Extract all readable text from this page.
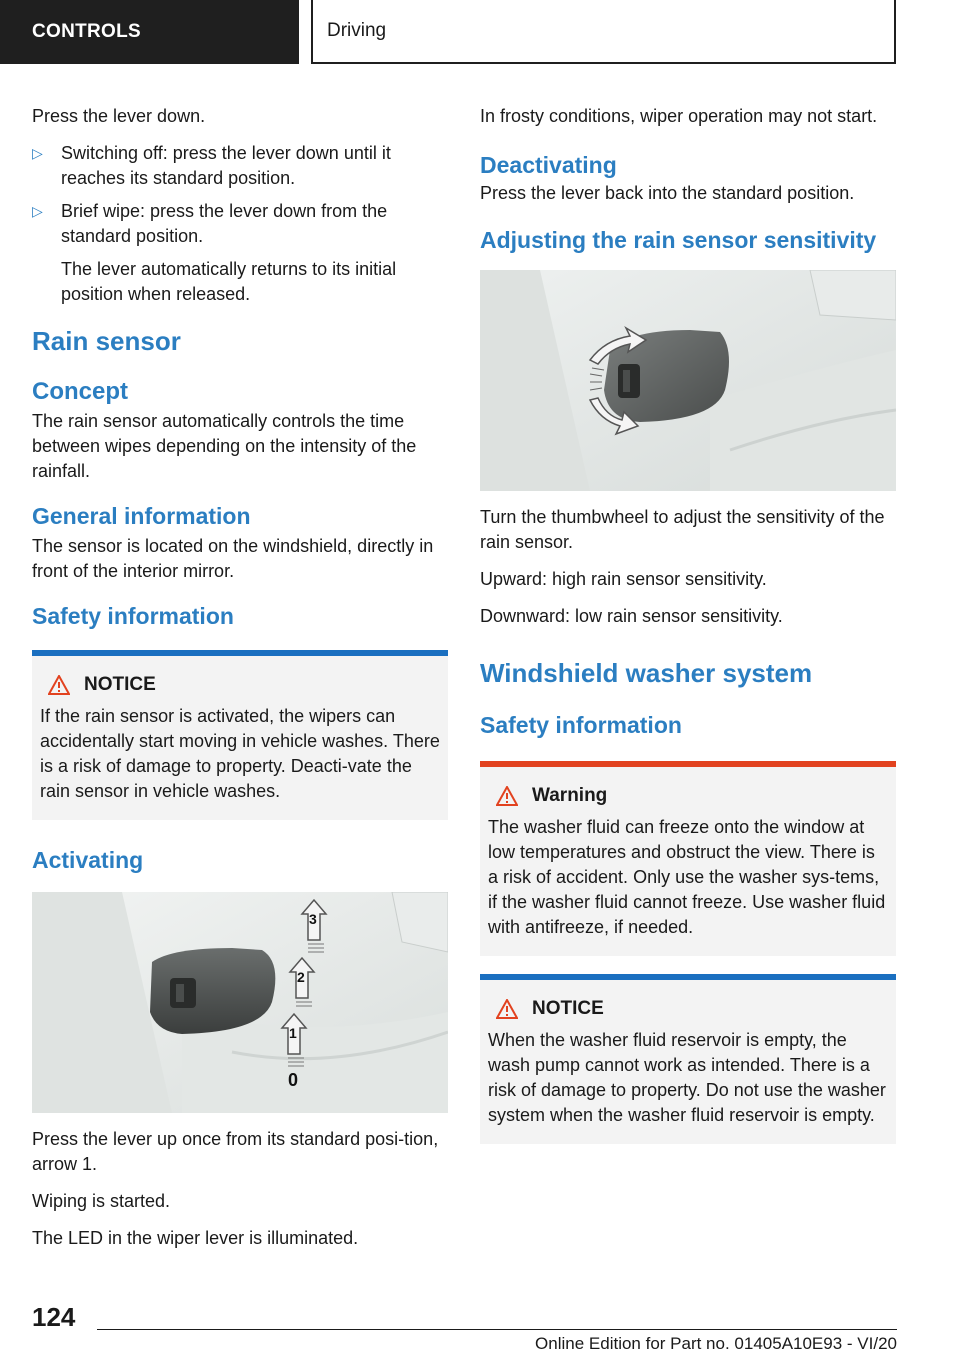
CONTROLS	Driving

Press the lever down.

▷ Switching off: press the lever down until it reaches its standard position.
▷ Brief wipe: press the lever down from the standard position.
The lever automatically returns to its initial position when released.
Rain sensor
Concept

The rain sensor automatically controls the time between wipes depending on the intensity of the rainfall.

General information

The sensor is located on the windshield, directly in front of the interior mirror.

Safety information
NOTICE

If the rain sensor is activated, the wipers can accidentally start moving in vehicle washes. There is a risk of damage to property. Deacti-vate the rain sensor in vehicle washes.

Activating
3
2
1
0

Press the lever up once from its standard posi-tion, arrow 1.

Wiping is started.

The LED in the wiper lever is illuminated.

In frosty conditions, wiper operation may not start.

Deactivating

Press the lever back into the standard position.

Adjusting the rain sensor sensitivity

Turn the thumbwheel to adjust the sensitivity of the rain sensor.

Upward: high rain sensor sensitivity.

Downward: low rain sensor sensitivity.

Windshield washer system
Safety information
Warning

The washer fluid can freeze onto the window at low temperatures and obstruct the view. There is a risk of accident. Only use the washer sys-tems, if the washer fluid cannot freeze. Use washer fluid with antifreeze, if needed.

NOTICE

When the washer fluid reservoir is empty, the wash pump cannot work as intended. There is a risk of damage to property. Do not use the washer system when the washer fluid reservoir is empty.

124
Online Edition for Part no. 01405A10E93 - VI/20
